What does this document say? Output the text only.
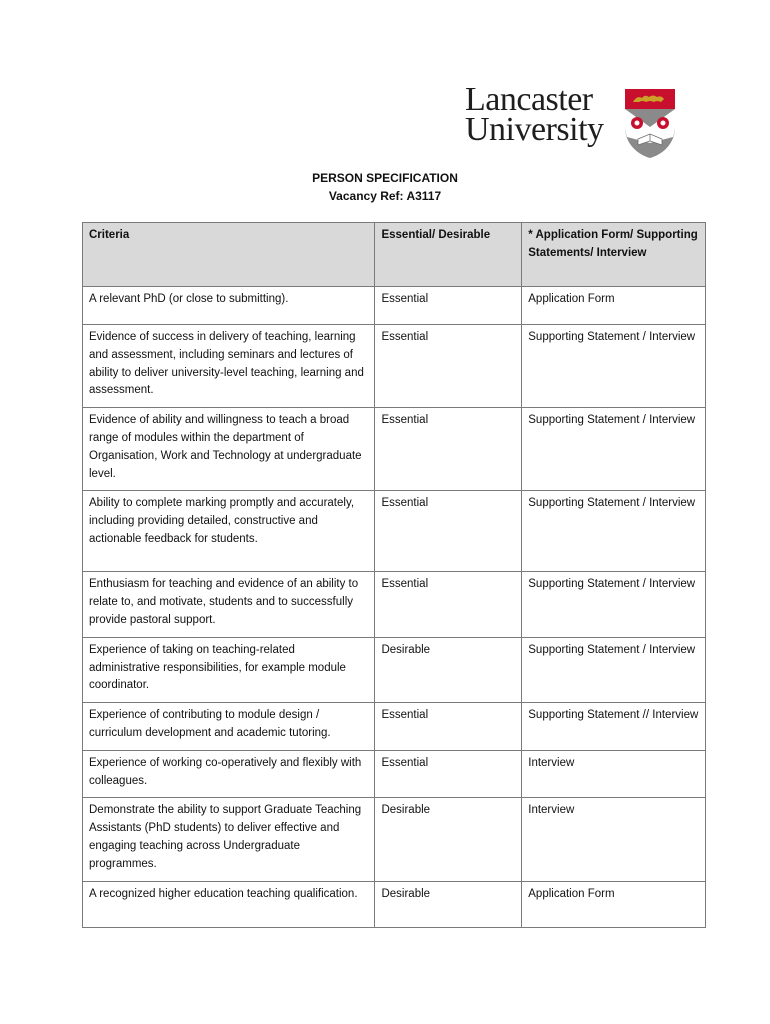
Lancaster
University
PERSON SPECIFICATION
Vacancy Ref: A3117
Criteria	Essential/ Desirable	* Application Form/ Supporting Statements/ Interview
A relevant PhD (or close to submitting).	Essential	Application Form
Evidence of success in delivery of teaching, learning and assessment, including seminars and lectures of ability to deliver university-level teaching, learning and assessment.	Essential	Supporting Statement / Interview
Evidence of ability and willingness to teach a broad range of modules within the department of Organisation, Work and Technology at undergraduate level.	Essential	Supporting Statement / Interview
Ability to complete marking promptly and accurately, including providing detailed, constructive and actionable feedback for students.	Essential	Supporting Statement / Interview
Enthusiasm for teaching and evidence of an ability to relate to, and motivate, students and to successfully provide pastoral support.	Essential	Supporting Statement / Interview
Experience of taking on teaching-related administrative responsibilities, for example module coordinator.	Desirable	Supporting Statement / Interview
Experience of contributing to module design / curriculum development and academic tutoring.	Essential	Supporting Statement // Interview
Experience of working co-operatively and flexibly with colleagues.	Essential	Interview
Demonstrate the ability to support Graduate Teaching Assistants (PhD students) to deliver effective and engaging teaching across Undergraduate programmes.	Desirable	Interview
A recognized higher education teaching qualification.	Desirable	Application Form
